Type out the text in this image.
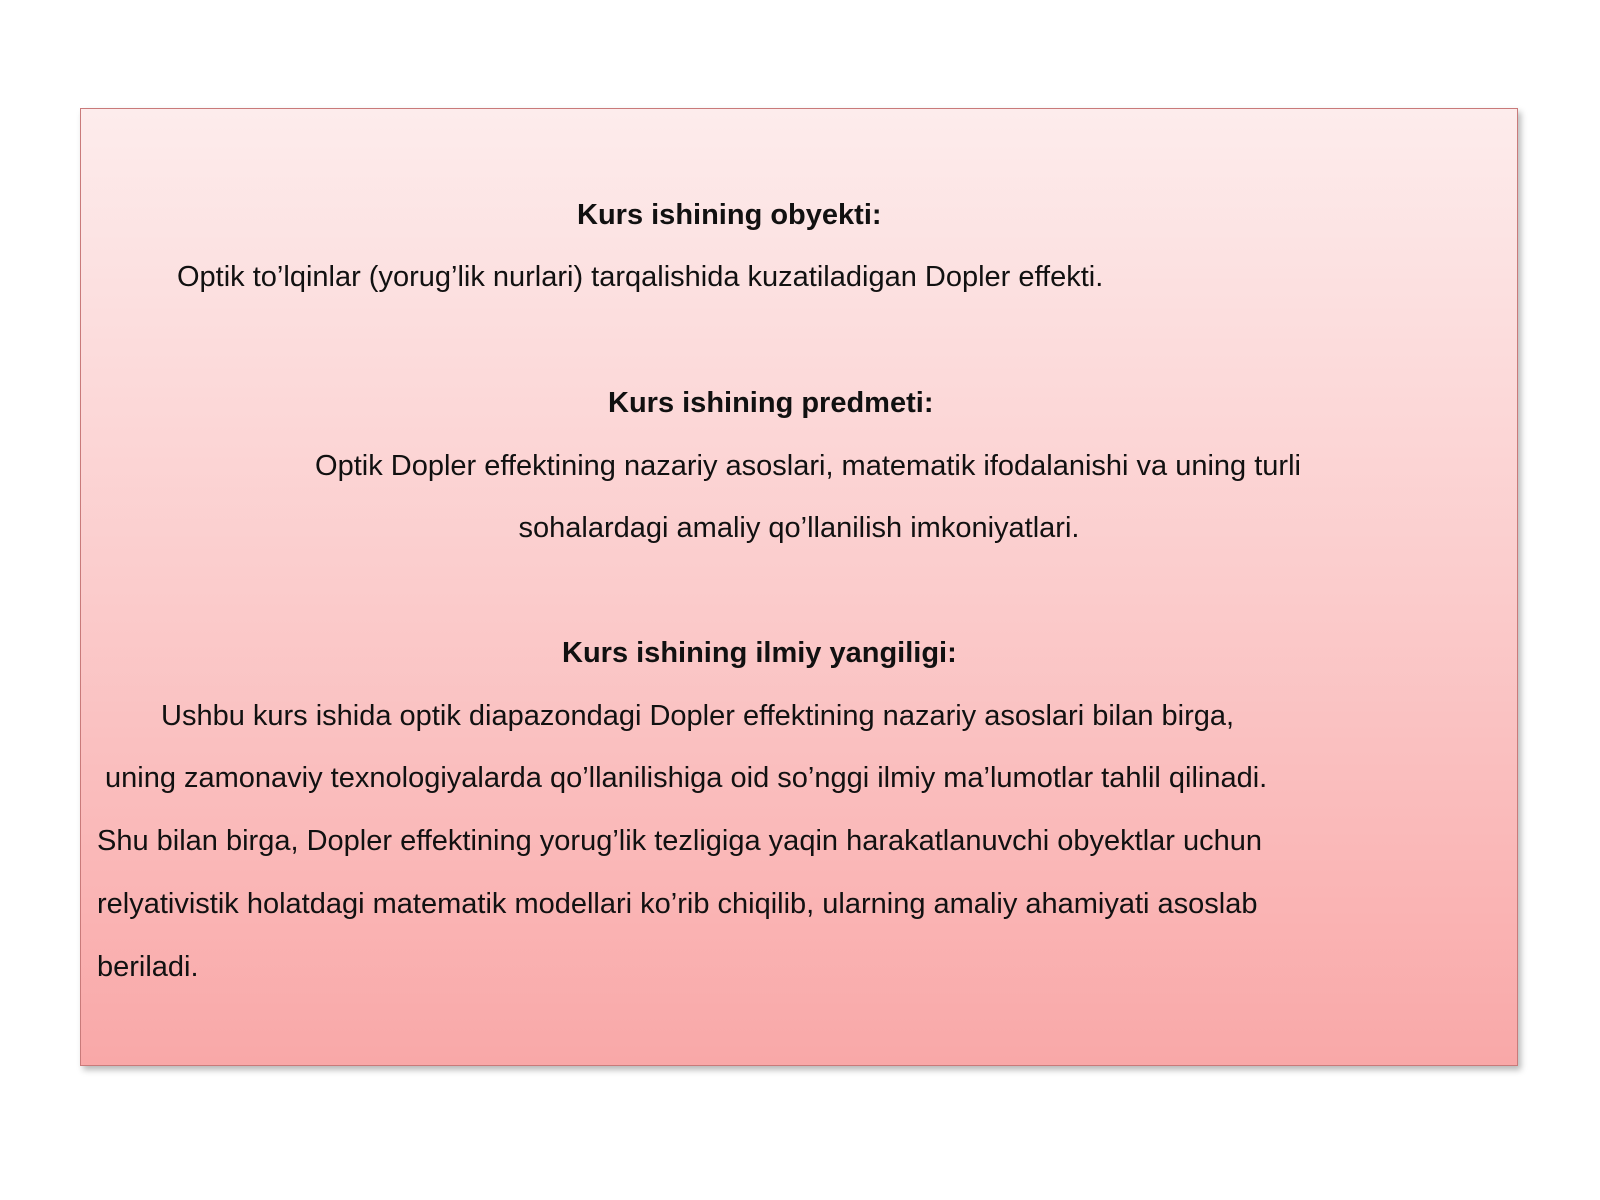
Kurs ishining obyekti:
Optik to’lqinlar (yorug’lik nurlari) tarqalishida kuzatiladigan Dopler effekti.
Kurs ishining predmeti:
Optik Dopler effektining nazariy asoslari, matematik ifodalanishi va uning turli
sohalardagi amaliy qo’llanilish imkoniyatlari.
Kurs ishining ilmiy yangiligi:
Ushbu kurs ishida optik diapazondagi Dopler effektining nazariy asoslari bilan birga,
uning zamonaviy texnologiyalarda qo’llanilishiga oid so’nggi ilmiy ma’lumotlar tahlil qilinadi.
Shu bilan birga, Dopler effektining yorug’lik tezligiga yaqin harakatlanuvchi obyektlar uchun
relyativistik holatdagi matematik modellari ko’rib chiqilib, ularning amaliy ahamiyati asoslab
beriladi.
